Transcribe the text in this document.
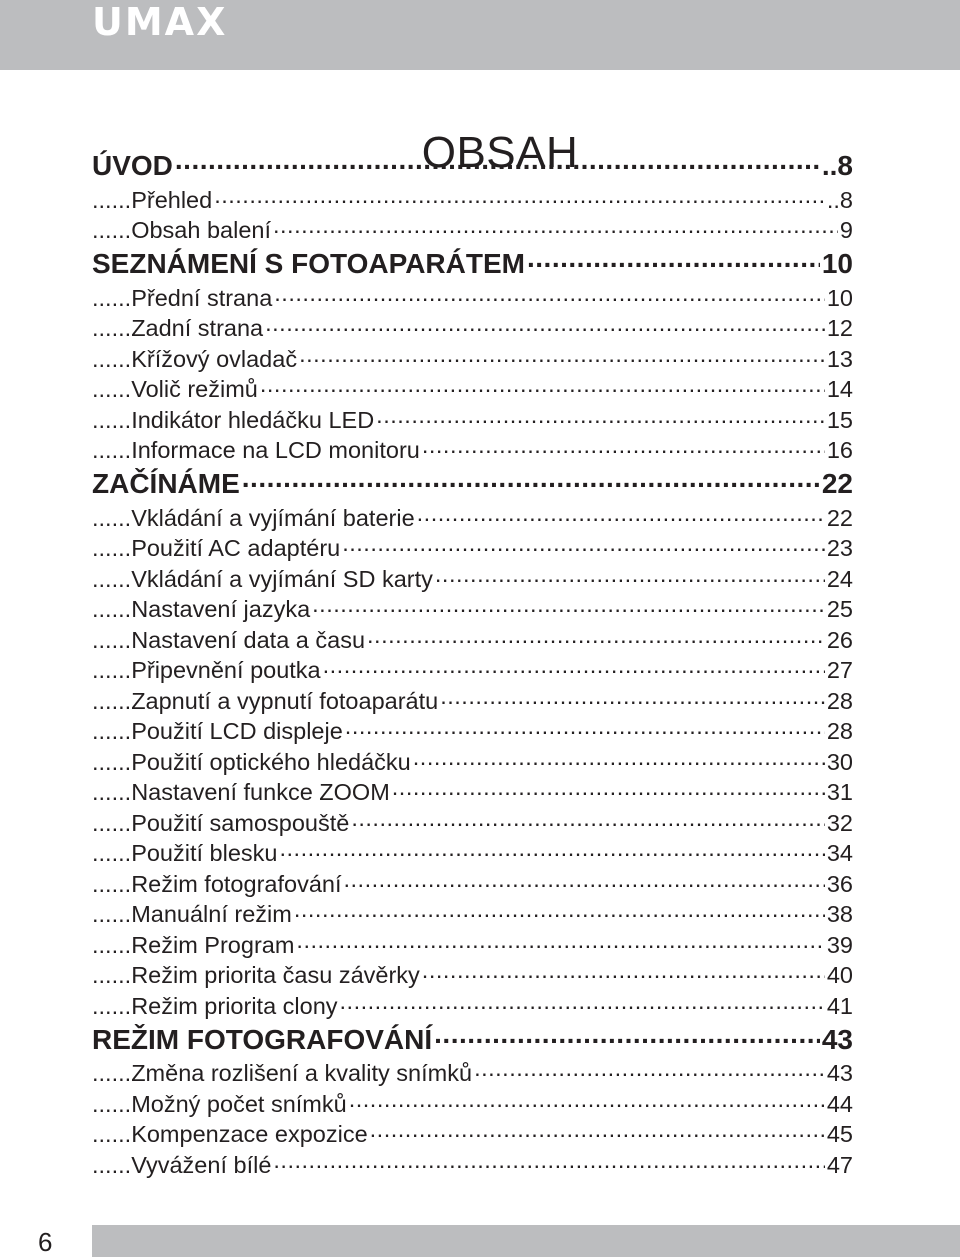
UMAX
OBSAH
ÚVOD .....	..8
...... Přehled .....	..8
...... Obsah balení .....	9
SEZNÁMENÍ S FOTOAPARÁTEM .....	10
...... Přední strana .....	10
...... Zadní strana .....	12
...... Křížový ovladač .....	13
...... Volič režimů .....	14
...... Indikátor hledáčku LED .....	15
...... Informace na LCD monitoru .....	16
ZAČÍNÁME .....	22
...... Vkládání a vyjímání baterie .....	22
...... Použití AC adaptéru .....	23
...... Vkládání a vyjímání SD karty .....	24
...... Nastavení jazyka .....	25
...... Nastavení data a času .....	26
...... Připevnění poutka .....	27
...... Zapnutí a vypnutí fotoaparátu .....	28
...... Použití LCD displeje .....	28
...... Použití optického hledáčku .....	30
...... Nastavení funkce ZOOM .....	31
...... Použití samospouště .....	32
...... Použití blesku .....	34
...... Režim fotografování .....	36
...... Manuální režim .....	38
...... Režim Program .....	39
...... Režim priorita času závěrky .....	40
...... Režim priorita clony .....	41
REŽIM FOTOGRAFOVÁNÍ .....	43
...... Změna rozlišení a kvality snímků .....	43
...... Možný počet snímků .....	44
...... Kompenzace expozice .....	45
...... Vyvážení bílé .....	47
6
